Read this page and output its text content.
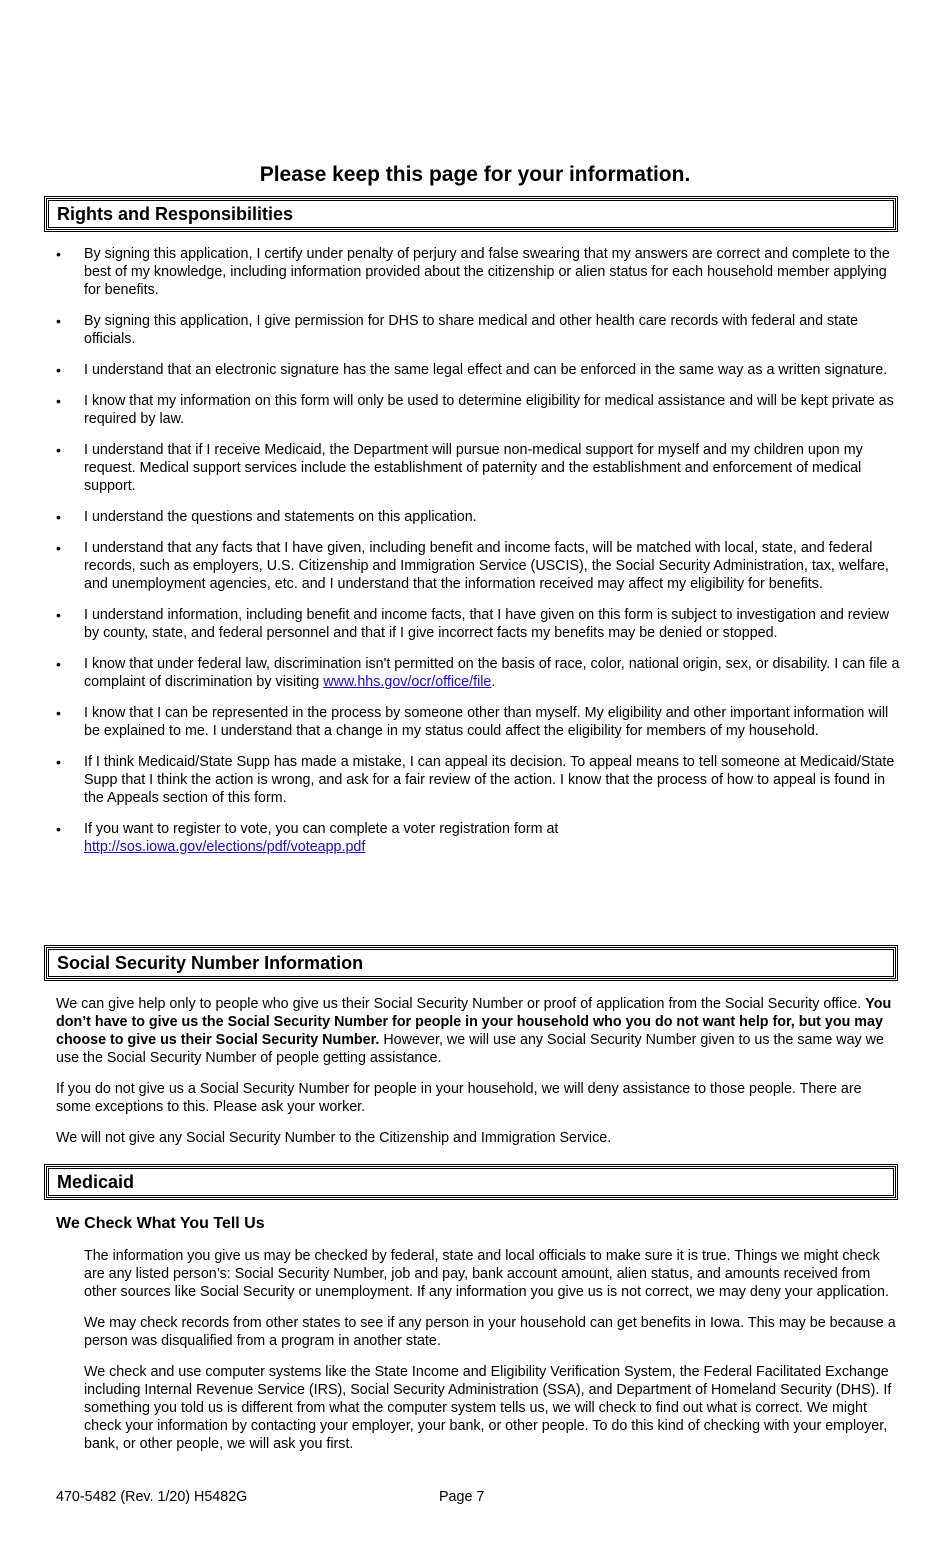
Please keep this page for your information.
Rights and Responsibilities
• By signing this application, I certify under penalty of perjury and false swearing that my answers are correct and complete to the best of my knowledge, including information provided about the citizenship or alien status for each household member applying for benefits.
• By signing this application, I give permission for DHS to share medical and other health care records with federal and state officials.
• I understand that an electronic signature has the same legal effect and can be enforced in the same way as a written signature.
• I know that my information on this form will only be used to determine eligibility for medical assistance and will be kept private as required by law.
• I understand that if I receive Medicaid, the Department will pursue non-medical support for myself and my children upon my request. Medical support services include the establishment of paternity and the establishment and enforcement of medical support.
• I understand the questions and statements on this application.
• I understand that any facts that I have given, including benefit and income facts, will be matched with local, state, and federal records, such as employers, U.S. Citizenship and Immigration Service (USCIS), the Social Security Administration, tax, welfare, and unemployment agencies, etc. and I understand that the information received may affect my eligibility for benefits.
• I understand information, including benefit and income facts, that I have given on this form is subject to investigation and review by county, state, and federal personnel and that if I give incorrect facts my benefits may be denied or stopped.
• I know that under federal law, discrimination isn't permitted on the basis of race, color, national origin, sex, or disability. I can file a complaint of discrimination by visiting www.hhs.gov/ocr/office/file.
• I know that I can be represented in the process by someone other than myself. My eligibility and other important information will be explained to me. I understand that a change in my status could affect the eligibility for members of my household.
• If I think Medicaid/State Supp has made a mistake, I can appeal its decision. To appeal means to tell someone at Medicaid/State Supp that I think the action is wrong, and ask for a fair review of the action. I know that the process of how to appeal is found in the Appeals section of this form.
• If you want to register to vote, you can complete a voter registration form at
http://sos.iowa.gov/elections/pdf/voteapp.pdf
Social Security Number Information

We can give help only to people who give us their Social Security Number or proof of application from the Social Security office. You don’t have to give us the Social Security Number for people in your household who you do not want help for, but you may choose to give us their Social Security Number. However, we will use any Social Security Number given to us the same way we use the Social Security Number of people getting assistance.

If you do not give us a Social Security Number for people in your household, we will deny assistance to those people. There are some exceptions to this. Please ask your worker.

We will not give any Social Security Number to the Citizenship and Immigration Service.

Medicaid
We Check What You Tell Us

The information you give us may be checked by federal, state and local officials to make sure it is true. Things we might check are any listed person’s: Social Security Number, job and pay, bank account amount, alien status, and amounts received from other sources like Social Security or unemployment. If any information you give us is not correct, we may deny your application.

We may check records from other states to see if any person in your household can get benefits in Iowa. This may be because a person was disqualified from a program in another state.

We check and use computer systems like the State Income and Eligibility Verification System, the Federal Facilitated Exchange including Internal Revenue Service (IRS), Social Security Administration (SSA), and Department of Homeland Security (DHS). If something you told us is different from what the computer system tells us, we will check to find out what is correct. We might check your information by contacting your employer, your bank, or other people. To do this kind of checking with your employer, bank, or other people, we will ask you first.

470-5482 (Rev. 1/20) H5482G	Page 7
